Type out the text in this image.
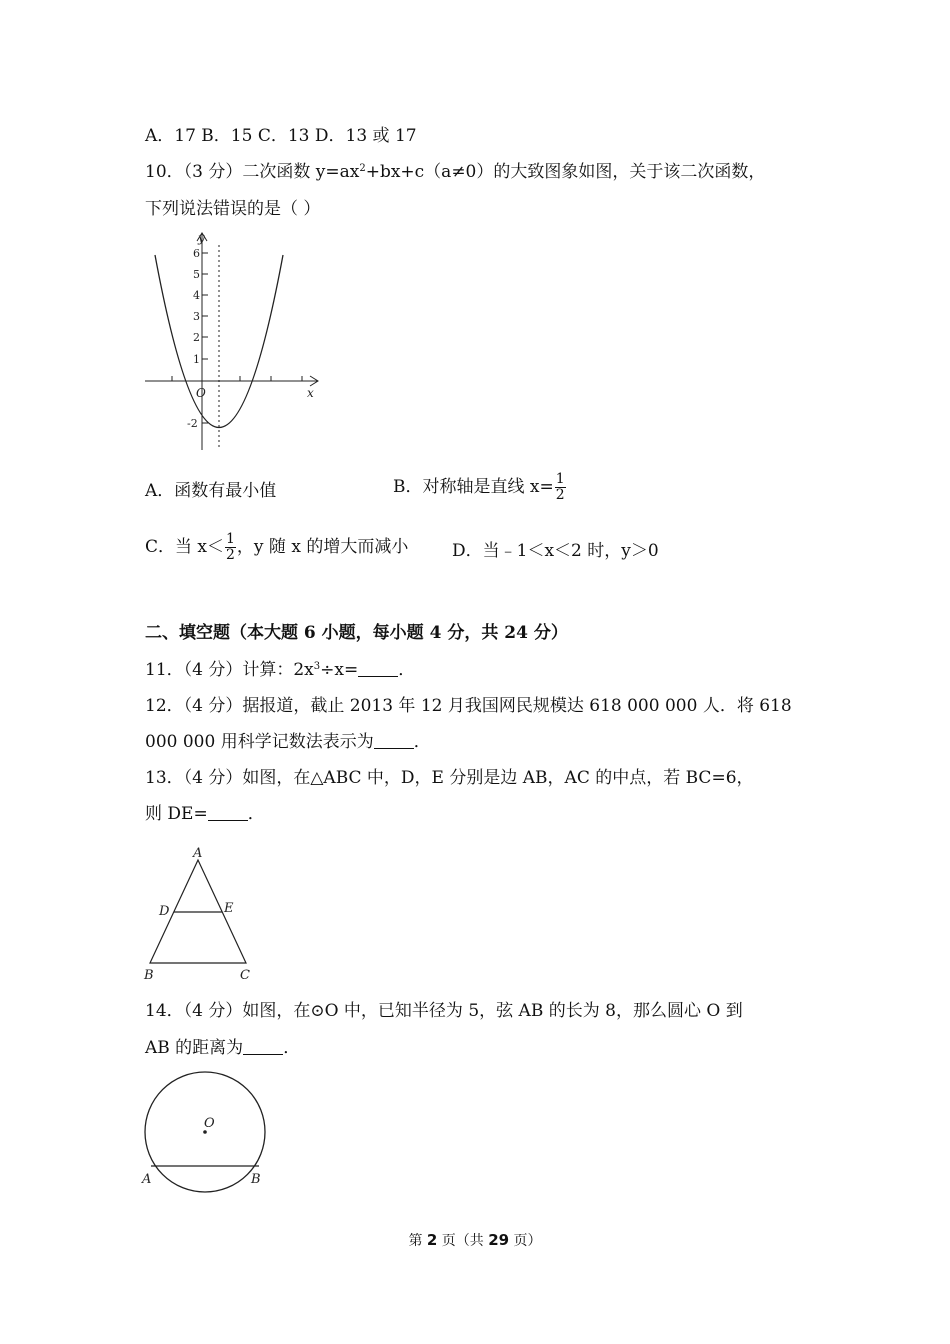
A．17 B．15 C．13 D．13 或 17
10．（3 分）二次函数 $y=ax^2+bx+c(a\ne 0)$的大致图象如图，关于该二次函数，
下列说法错误的是（ ）
y
x
O
6
5
4
3
2
1
-2
A．函数有最小值	B．对称轴是直线 $x= \frac{1}{2}$
C．当 $x< \frac{1}{2}$ ，y 随 x 的增大而减小	D．当﹣1＜x＜2 时，y＞0
二、填空题（本大题 6 小题，每小题 4 分，共 24 分）
11．（4 分）计算：$2x^3\div x=$ ．
12．（4 分）据报道，截止 2013 年 12 月我国网民规模达 618 000 000 人．将 618
000 000 用科学记数法表示为 ．
13．（4 分）如图，在△ABC 中，D，E 分别是边 AB，AC 的中点，若 BC=6，
则 DE= ．
A
B	C
D	E
14．（4 分）如图，在⊙O 中，已知半径为 5，弦 AB 的长为 8，那么圆心 O 到
AB 的距离为 ．
O
A	B
第 2 页（共 29 页）
